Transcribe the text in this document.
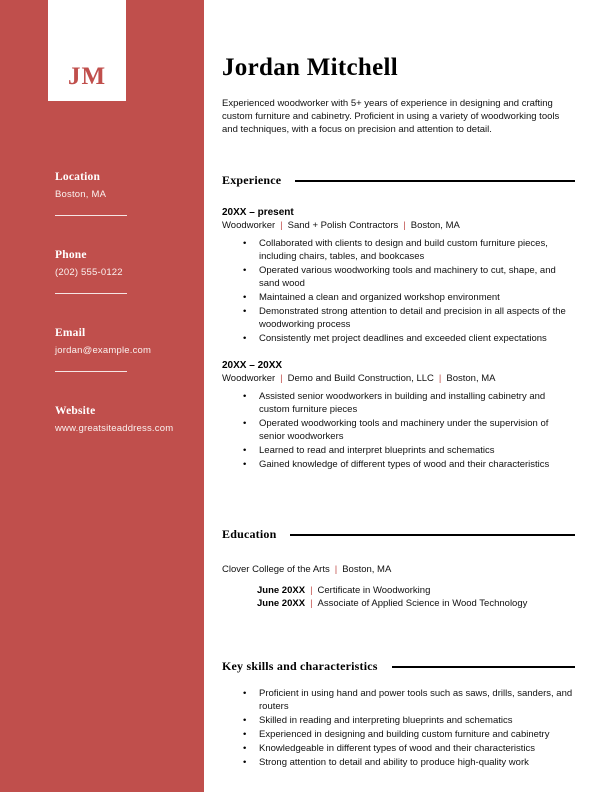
JM
Location
Boston, MA
Phone
(202) 555-0122
Email
jordan@example.com
Website
www.greatsiteaddress.com
Jordan Mitchell

Experienced woodworker with 5+ years of experience in designing and crafting custom furniture and cabinetry. Proficient in using a variety of woodworking tools and techniques, with a focus on precision and attention to detail.

Experience
20XX – present
Woodworker | Sand + Polish Contractors | Boston, MA
• Collaborated with clients to design and build custom furniture pieces, including chairs, tables, and bookcases
• Operated various woodworking tools and machinery to cut, shape, and sand wood
• Maintained a clean and organized workshop environment
• Demonstrated strong attention to detail and precision in all aspects of the woodworking process
• Consistently met project deadlines and exceeded client expectations
20XX – 20XX
Woodworker | Demo and Build Construction, LLC | Boston, MA
• Assisted senior woodworkers in building and installing cabinetry and custom furniture pieces
• Operated woodworking tools and machinery under the supervision of senior woodworkers
• Learned to read and interpret blueprints and schematics
• Gained knowledge of different types of wood and their characteristics
Education
Clover College of the Arts | Boston, MA
June 20XX | Certificate in Woodworking
June 20XX | Associate of Applied Science in Wood Technology
Key skills and characteristics
• Proficient in using hand and power tools such as saws, drills, sanders, and routers
• Skilled in reading and interpreting blueprints and schematics
• Experienced in designing and building custom furniture and cabinetry
• Knowledgeable in different types of wood and their characteristics
• Strong attention to detail and ability to produce high-quality work
